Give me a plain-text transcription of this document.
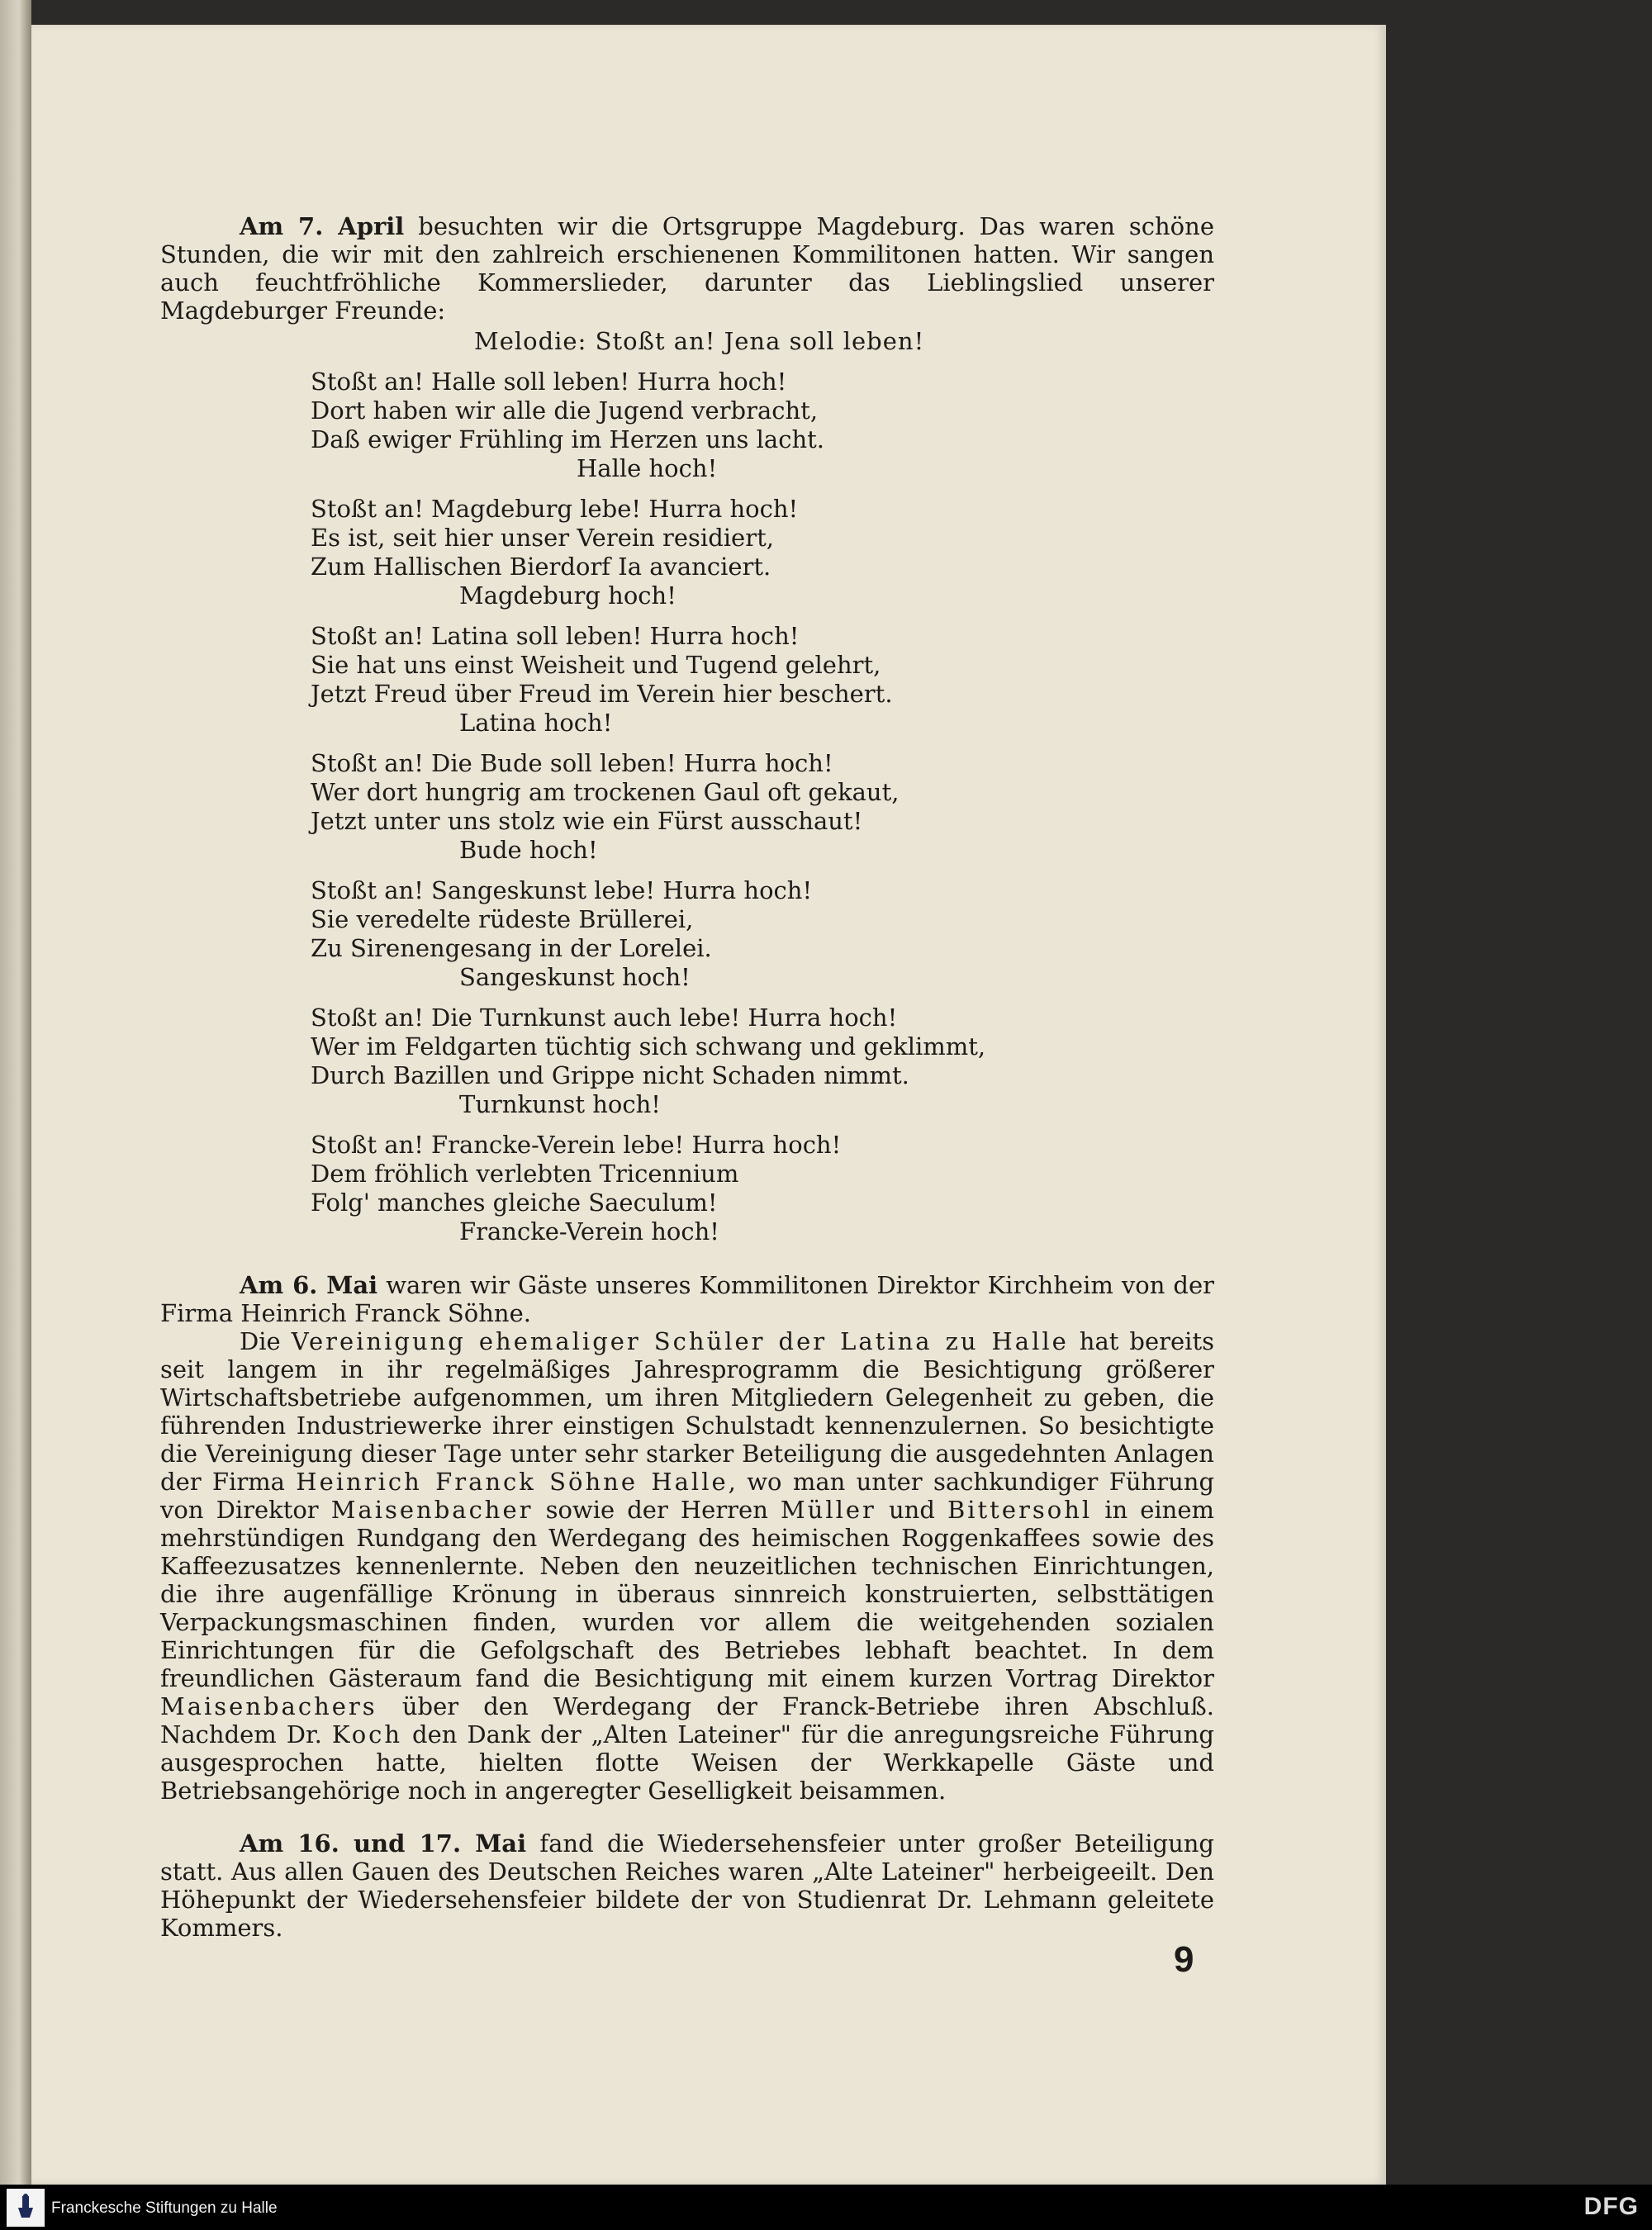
Am 7. April besuchten wir die Ortsgruppe Magdeburg. Das waren schöne Stunden, die wir mit den zahlreich erschienenen Kommilitonen hatten. Wir sangen auch feuchtfröhliche Kommerslieder, darunter das Lieblingslied unserer Magdeburger Freunde:

Melodie: Stoßt an! Jena soll leben!
Stoßt an! Halle soll leben! Hurra hoch!
Dort haben wir alle die Jugend verbracht,
Daß ewiger Frühling im Herzen uns lacht.
Halle hoch!
Stoßt an! Magdeburg lebe! Hurra hoch!
Es ist, seit hier unser Verein residiert,
Zum Hallischen Bierdorf Ia avanciert.
Magdeburg hoch!
Stoßt an! Latina soll leben! Hurra hoch!
Sie hat uns einst Weisheit und Tugend gelehrt,
Jetzt Freud über Freud im Verein hier beschert.
Latina hoch!
Stoßt an! Die Bude soll leben! Hurra hoch!
Wer dort hungrig am trockenen Gaul oft gekaut,
Jetzt unter uns stolz wie ein Fürst ausschaut!
Bude hoch!
Stoßt an! Sangeskunst lebe! Hurra hoch!
Sie veredelte rüdeste Brüllerei,
Zu Sirenengesang in der Lorelei.
Sangeskunst hoch!
Stoßt an! Die Turnkunst auch lebe! Hurra hoch!
Wer im Feldgarten tüchtig sich schwang und geklimmt,
Durch Bazillen und Grippe nicht Schaden nimmt.
Turnkunst hoch!
Stoßt an! Francke-Verein lebe! Hurra hoch!
Dem fröhlich verlebten Tricennium
Folg' manches gleiche Saeculum!
Francke-Verein hoch!

Am 6. Mai waren wir Gäste unseres Kommilitonen Direktor Kirchheim von der Firma Heinrich Franck Söhne.

Die Vereinigung ehemaliger Schüler der Latina zu Halle hat bereits seit langem in ihr regelmäßiges Jahresprogramm die Besichtigung größerer Wirtschaftsbetriebe aufgenommen, um ihren Mitgliedern Gelegenheit zu geben, die führenden Industriewerke ihrer einstigen Schulstadt kennenzulernen. So besichtigte die Vereinigung dieser Tage unter sehr starker Beteiligung die ausgedehnten Anlagen der Firma Heinrich Franck Söhne Halle, wo man unter sachkundiger Führung von Direktor Maisenbacher sowie der Herren Müller und Bittersohl in einem mehrstündigen Rundgang den Werdegang des heimischen Roggenkaffees sowie des Kaffeezusatzes kennenlernte. Neben den neuzeitlichen technischen Einrichtungen, die ihre augenfällige Krönung in überaus sinnreich konstruierten, selbsttätigen Verpackungsmaschinen finden, wurden vor allem die weitgehenden sozialen Einrichtungen für die Gefolgschaft des Betriebes lebhaft beachtet. In dem freundlichen Gästeraum fand die Besichtigung mit einem kurzen Vortrag Direktor Maisenbachers über den Werdegang der Franck-Betriebe ihren Abschluß. Nachdem Dr. Koch den Dank der „Alten Lateiner" für die anregungsreiche Führung ausgesprochen hatte, hielten flotte Weisen der Werkkapelle Gäste und Betriebsangehörige noch in angeregter Geselligkeit beisammen.

Am 16. und 17. Mai fand die Wiedersehensfeier unter großer Beteiligung statt. Aus allen Gauen des Deutschen Reiches waren „Alte Lateiner" herbeigeeilt. Den Höhepunkt der Wiedersehensfeier bildete der von Studienrat Dr. Lehmann geleitete Kommers.

9
Franckesche Stiftungen zu Halle	DFG
